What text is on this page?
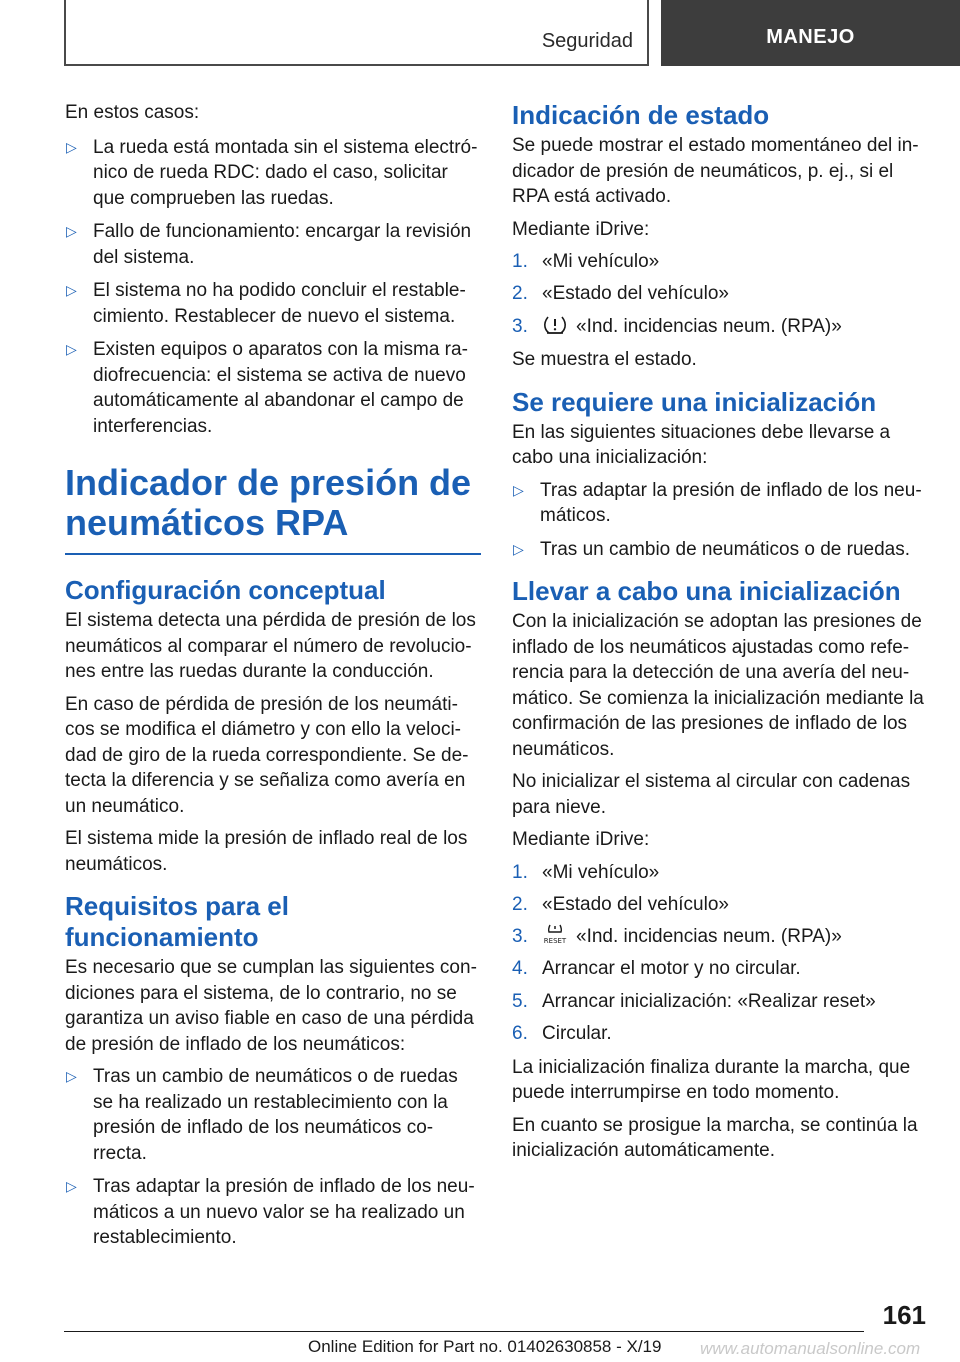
Seguridad	MANEJO

En estos casos:

▷ La rueda está montada sin el sistema electró-nico de rueda RDC: dado el caso, solicitar que comprueben las ruedas.
▷ Fallo de funcionamiento: encargar la revisión del sistema.
▷ El sistema no ha podido concluir el restable-cimiento. Restablecer de nuevo el sistema.
▷ Existen equipos o aparatos con la misma ra-diofrecuencia: el sistema se activa de nuevo automáticamente al abandonar el campo de interferencias.
Indicador de presión de neumáticos RPA
Configuración conceptual

El sistema detecta una pérdida de presión de los neumáticos al comparar el número de revolucio-nes entre las ruedas durante la conducción.

En caso de pérdida de presión de los neumáti-cos se modifica el diámetro y con ello la veloci-dad de giro de la rueda correspondiente. Se de-tecta la diferencia y se señaliza como avería en un neumático.

El sistema mide la presión de inflado real de los neumáticos.

Requisitos para el funcionamiento

Es necesario que se cumplan las siguientes con-diciones para el sistema, de lo contrario, no se garantiza un aviso fiable en caso de una pérdida de presión de inflado de los neumáticos:

▷ Tras un cambio de neumáticos o de ruedas se ha realizado un restablecimiento con la presión de inflado de los neumáticos co-rrecta.
▷ Tras adaptar la presión de inflado de los neu-máticos a un nuevo valor se ha realizado un restablecimiento.
Indicación de estado

Se puede mostrar el estado momentáneo del in-dicador de presión de neumáticos, p. ej., si el RPA está activado.

Mediante iDrive:

1. «Mi vehículo»
2. «Estado del vehículo»
3.	«Ind. incidencias neum. (RPA)»

Se muestra el estado.

Se requiere una inicialización

En las siguientes situaciones debe llevarse a cabo una inicialización:

▷ Tras adaptar la presión de inflado de los neu-máticos.
▷ Tras un cambio de neumáticos o de ruedas.
Llevar a cabo una inicialización

Con la inicialización se adoptan las presiones de inflado de los neumáticos ajustadas como refe-rencia para la detección de una avería del neu-mático. Se comienza la inicialización mediante la confirmación de las presiones de inflado de los neumáticos.

No inicializar el sistema al circular con cadenas para nieve.

Mediante iDrive:

1. «Mi vehículo»
2. «Estado del vehículo»
3. RESET «Ind. incidencias neum. (RPA)»
4. Arrancar el motor y no circular.
5. Arrancar inicialización: «Realizar reset»
6. Circular.

La inicialización finaliza durante la marcha, que puede interrumpirse en todo momento.

En cuanto se prosigue la marcha, se continúa la inicialización automáticamente.

161
Online Edition for Part no. 01402630858 - X/19 www.automanualsonline.com
